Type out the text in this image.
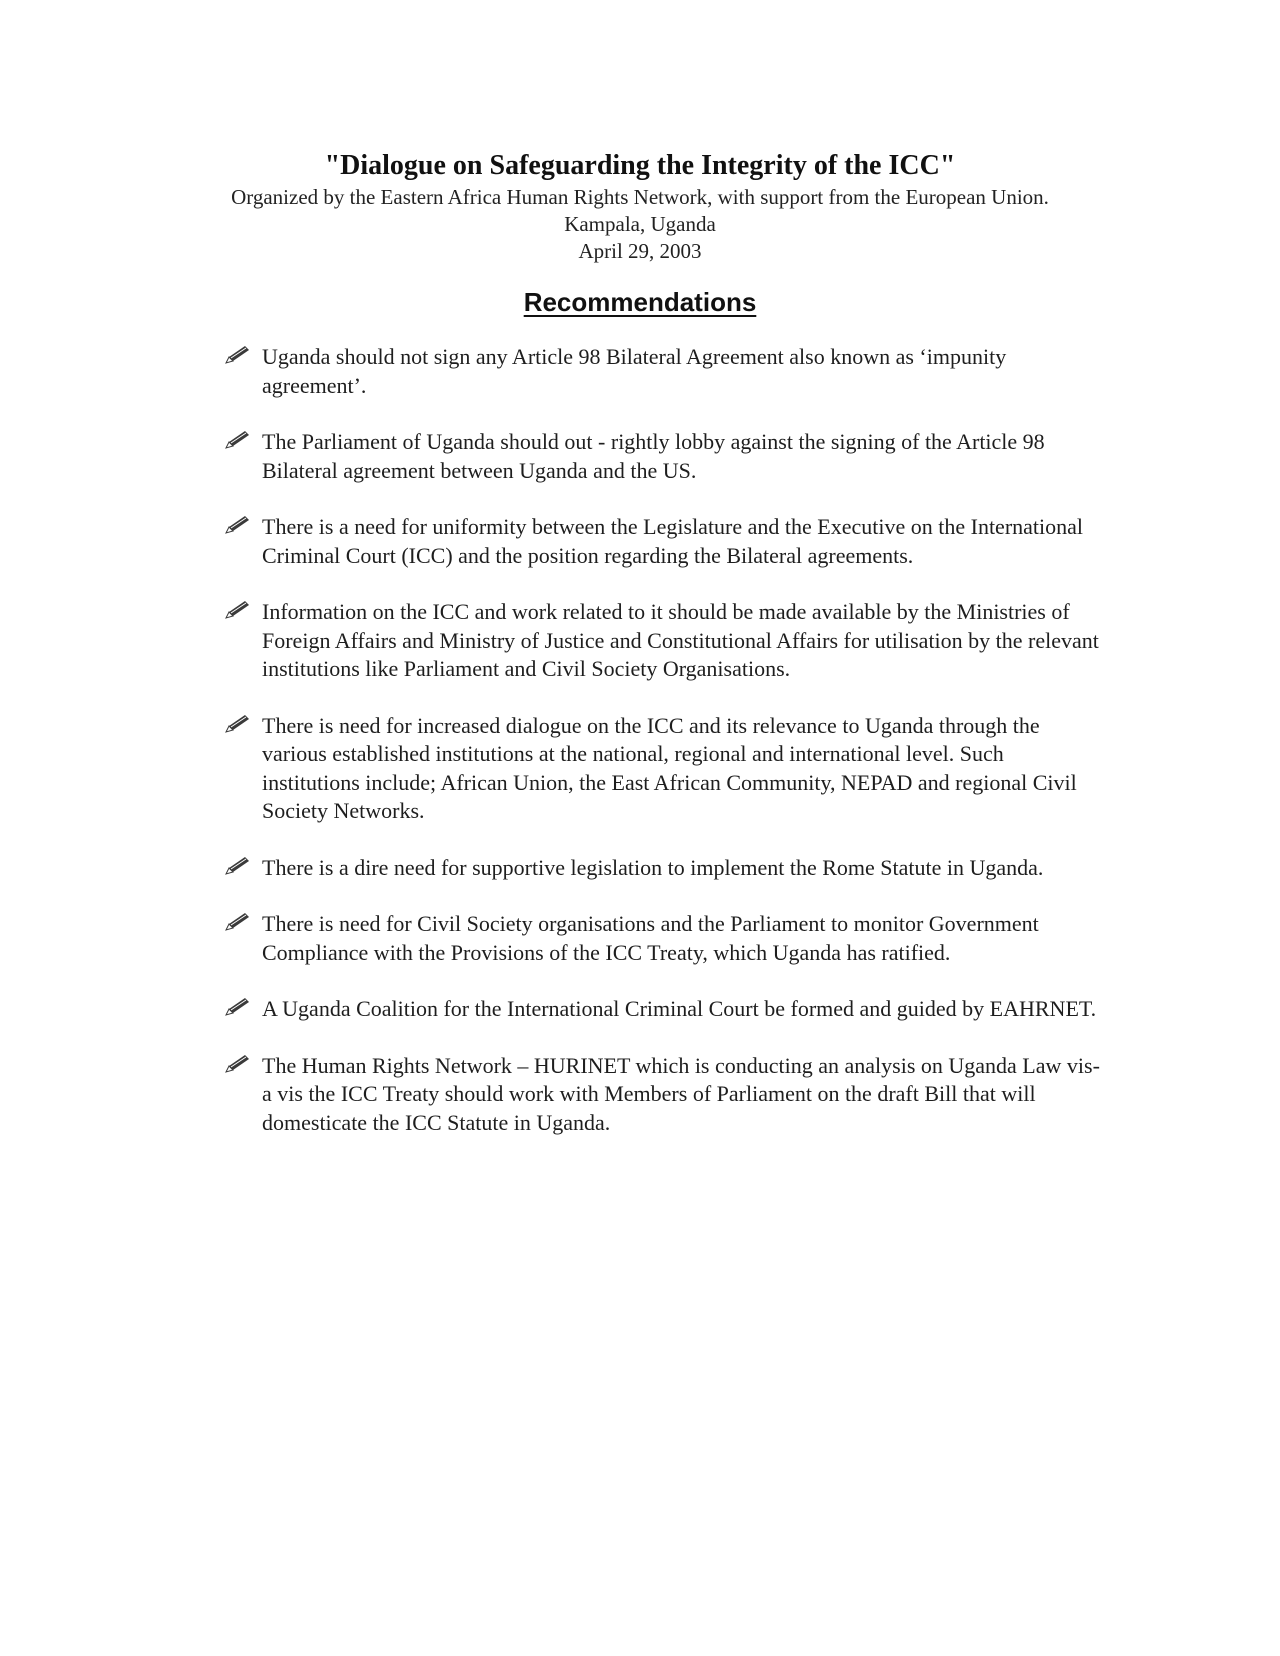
"Dialogue on Safeguarding the Integrity of the ICC"

Organized by the Eastern Africa Human Rights Network, with support from the European Union.

Kampala, Uganda

April 29, 2003

Recommendations
Uganda should not sign any Article 98 Bilateral Agreement also known as ‘impunity agreement’.
The Parliament of Uganda should out - rightly lobby against the signing of the Article 98 Bilateral agreement between Uganda and the US.
There is a need for uniformity between the Legislature and the Executive on the International Criminal Court (ICC) and the position regarding the Bilateral agreements.
Information on the ICC and work related to it should be made available by the Ministries of Foreign Affairs and Ministry of Justice and Constitutional Affairs for utilisation by the relevant institutions like Parliament and Civil Society Organisations.
There is need for increased dialogue on the ICC and its relevance to Uganda through the various established institutions at the national, regional and international level. Such institutions include; African Union, the East African Community, NEPAD and regional Civil Society Networks.
There is a dire need for supportive legislation to implement the Rome Statute in Uganda.
There is need for Civil Society organisations and the Parliament to monitor Government Compliance with the Provisions of the ICC Treaty, which Uganda has ratified.
A Uganda Coalition for the International Criminal Court be formed and guided by EAHRNET.
The Human Rights Network – HURINET which is conducting an analysis on Uganda Law vis-a vis the ICC Treaty should work with Members of Parliament on the draft Bill that will domesticate the ICC Statute in Uganda.
